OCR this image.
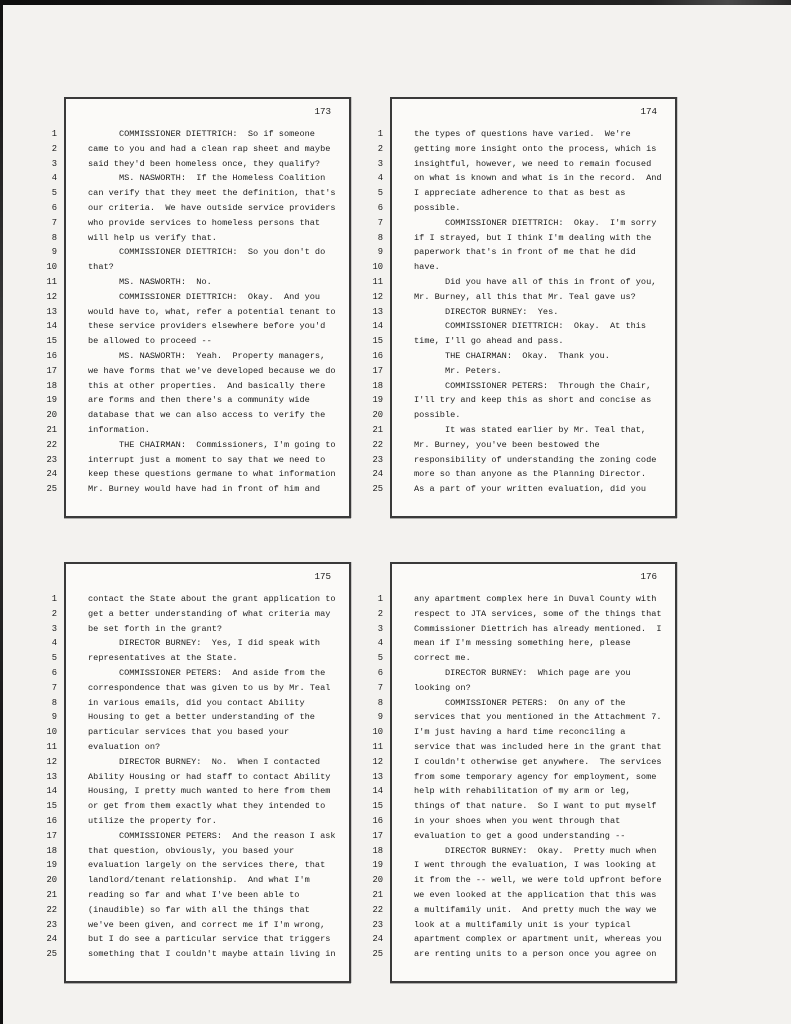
1
2
3
4
5
6
7
8
9
10
11
12
13
14
15
16
17
18
19
20
21
22
23
24
25
173
COMMISSIONER DIETTRICH:  So if someone
came to you and had a clean rap sheet and maybe
said they'd been homeless once, they qualify?
MS. NASWORTH:  If the Homeless Coalition
can verify that they meet the definition, that's
our criteria.  We have outside service providers
who provide services to homeless persons that
will help us verify that.
COMMISSIONER DIETTRICH:  So you don't do
that?
MS. NASWORTH:  No.
COMMISSIONER DIETTRICH:  Okay.  And you
would have to, what, refer a potential tenant to
these service providers elsewhere before you'd
be allowed to proceed --
MS. NASWORTH:  Yeah.  Property managers,
we have forms that we've developed because we do
this at other properties.  And basically there
are forms and then there's a community wide
database that we can also access to verify the
information.
THE CHAIRMAN:  Commissioners, I'm going to
interrupt just a moment to say that we need to
keep these questions germane to what information
Mr. Burney would have had in front of him and
1
2
3
4
5
6
7
8
9
10
11
12
13
14
15
16
17
18
19
20
21
22
23
24
25
174
the types of questions have varied.  We're
getting more insight onto the process, which is
insightful, however, we need to remain focused
on what is known and what is in the record.  And
I appreciate adherence to that as best as
possible.
COMMISSIONER DIETTRICH:  Okay.  I'm sorry
if I strayed, but I think I'm dealing with the
paperwork that's in front of me that he did
have.
Did you have all of this in front of you,
Mr. Burney, all this that Mr. Teal gave us?
DIRECTOR BURNEY:  Yes.
COMMISSIONER DIETTRICH:  Okay.  At this
time, I'll go ahead and pass.
THE CHAIRMAN:  Okay.  Thank you.
Mr. Peters.
COMMISSIONER PETERS:  Through the Chair,
I'll try and keep this as short and concise as
possible.
It was stated earlier by Mr. Teal that,
Mr. Burney, you've been bestowed the
responsibility of understanding the zoning code
more so than anyone as the Planning Director.
As a part of your written evaluation, did you
1
2
3
4
5
6
7
8
9
10
11
12
13
14
15
16
17
18
19
20
21
22
23
24
25
175
contact the State about the grant application to
get a better understanding of what criteria may
be set forth in the grant?
DIRECTOR BURNEY:  Yes, I did speak with
representatives at the State.
COMMISSIONER PETERS:  And aside from the
correspondence that was given to us by Mr. Teal
in various emails, did you contact Ability
Housing to get a better understanding of the
particular services that you based your
evaluation on?
DIRECTOR BURNEY:  No.  When I contacted
Ability Housing or had staff to contact Ability
Housing, I pretty much wanted to here from them
or get from them exactly what they intended to
utilize the property for.
COMMISSIONER PETERS:  And the reason I ask
that question, obviously, you based your
evaluation largely on the services there, that
landlord/tenant relationship.  And what I'm
reading so far and what I've been able to
(inaudible) so far with all the things that
we've been given, and correct me if I'm wrong,
but I do see a particular service that triggers
something that I couldn't maybe attain living in
1
2
3
4
5
6
7
8
9
10
11
12
13
14
15
16
17
18
19
20
21
22
23
24
25
176
any apartment complex here in Duval County with
respect to JTA services, some of the things that
Commissioner Diettrich has already mentioned.  I
mean if I'm messing something here, please
correct me.
DIRECTOR BURNEY:  Which page are you
looking on?
COMMISSIONER PETERS:  On any of the
services that you mentioned in the Attachment 7.
I'm just having a hard time reconciling a
service that was included here in the grant that
I couldn't otherwise get anywhere.  The services
from some temporary agency for employment, some
help with rehabilitation of my arm or leg,
things of that nature.  So I want to put myself
in your shoes when you went through that
evaluation to get a good understanding --
DIRECTOR BURNEY:  Okay.  Pretty much when
I went through the evaluation, I was looking at
it from the -- well, we were told upfront before
we even looked at the application that this was
a multifamily unit.  And pretty much the way we
look at a multifamily unit is your typical
apartment complex or apartment unit, whereas you
are renting units to a person once you agree on
